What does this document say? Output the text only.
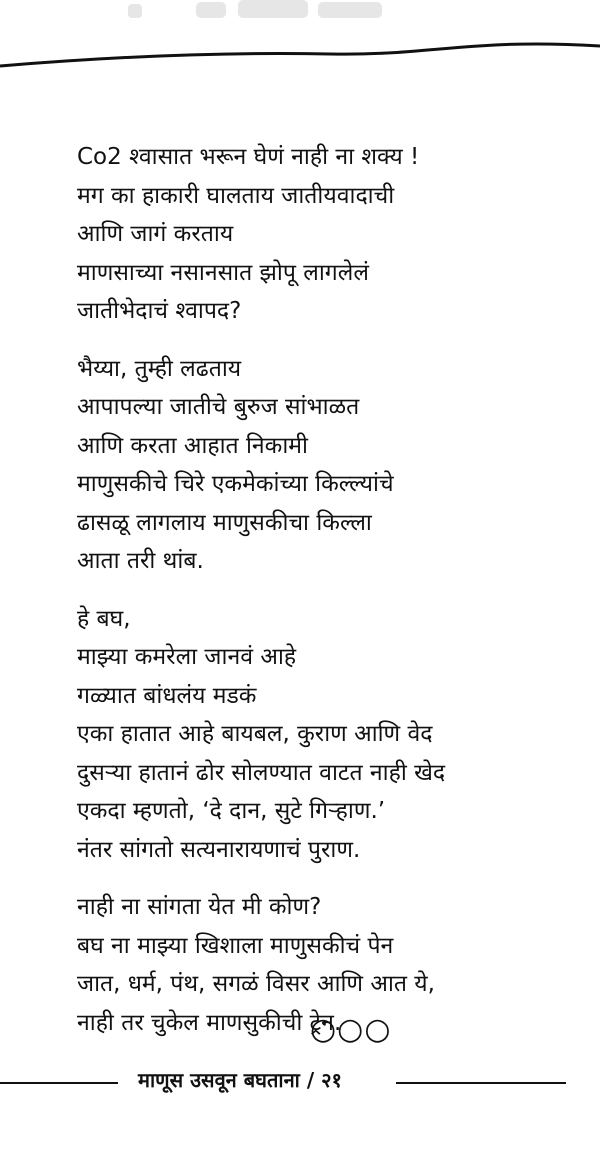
Co2 श्वासात भरून घेणं नाही ना शक्य !
मग का हाकारी घालताय जातीयवादाची
आणि जागं करताय
माणसाच्या नसानसात झोपू लागलेलं
जातीभेदाचं श्वापद?
भैय्या, तुम्ही लढताय
आपापल्या जातीचे बुरुज सांभाळत
आणि करता आहात निकामी
माणुसकीचे चिरे एकमेकांच्या किल्ल्यांचे
ढासळू लागलाय माणुसकीचा किल्ला
आता तरी थांब.
हे बघ,
माझ्या कमरेला जानवं आहे
गळ्यात बांधलंय मडकं
एका हातात आहे बायबल, कुराण आणि वेद
दुसऱ्या हातानं ढोर सोलण्यात वाटत नाही खेद
एकदा म्हणतो, ‘दे दान, सुटे गिऱ्हाण.’
नंतर सांगतो सत्यनारायणाचं पुराण.
नाही ना सांगता येत मी कोण?
बघ ना माझ्या खिशाला माणुसकीचं पेन
जात, धर्म, पंथ, सगळं विसर आणि आत ये,
नाही तर चुकेल माणसुकीची ट्रेन.
○○○
माणूस उसवून बघताना / २१
